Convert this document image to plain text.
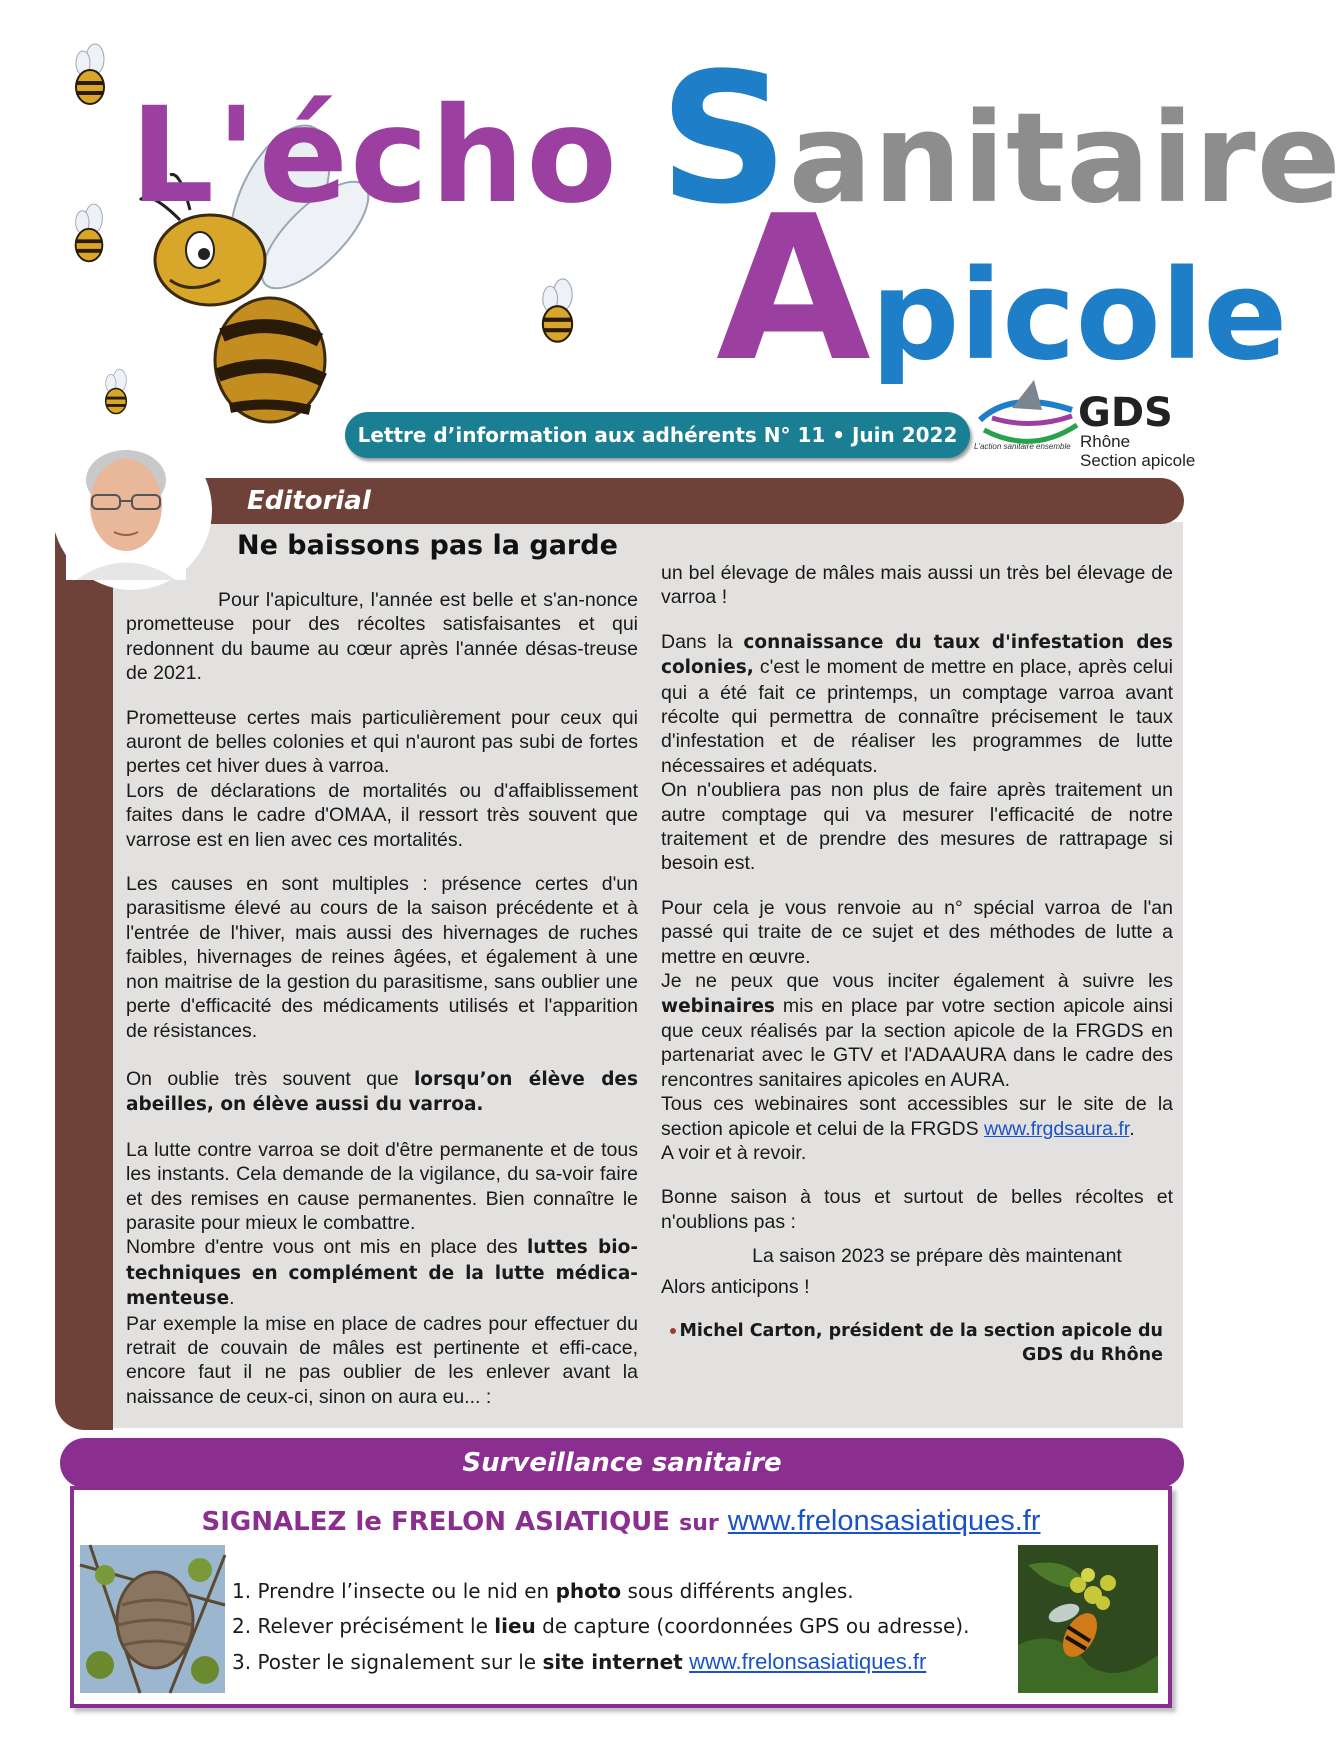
L'écho S anitaire
A picole
Lettre d’information aux adhérents N° 11 • Juin 2022	GDS
Rhône
Section apicole
L'action sanitaire ensemble
Editorial
Ne baissons pas la garde

Pour l'apiculture, l'année est belle et s'an-nonce prometteuse pour des récoltes satisfaisantes et qui redonnent du baume au cœur après l'année désas-treuse de 2021.

Prometteuse certes mais particulièrement pour ceux qui auront de belles colonies et qui n'auront pas subi de fortes pertes cet hiver dues à varroa.

Lors de déclarations de mortalités ou d'affaiblissement faites dans le cadre d'OMAA, il ressort très souvent que varrose est en lien avec ces mortalités.

Les causes en sont multiples : présence certes d'un parasitisme élevé au cours de la saison précédente et à l'entrée de l'hiver, mais aussi des hivernages de ruches faibles, hivernages de reines âgées, et également à une non maitrise de la gestion du parasitisme, sans oublier une perte d'efficacité des médicaments utilisés et l'apparition de résistances.

On oublie très souvent que lorsqu’on élève des abeilles, on élève aussi du varroa.

La lutte contre varroa se doit d'être permanente et de tous les instants. Cela demande de la vigilance, du sa-voir faire et des remises en cause permanentes. Bien connaître le parasite pour mieux le combattre.

Nombre d'entre vous ont mis en place des luttes bio-techniques en complément de la lutte médica-menteuse.

Par exemple la mise en place de cadres pour effectuer du retrait de couvain de mâles est pertinente et effi-cace, encore faut il ne pas oublier de les enlever avant la naissance de ceux-ci, sinon on aura eu... :

un bel élevage de mâles mais aussi un très bel élevage de varroa !

Dans la connaissance du taux d'infestation des colonies, c'est le moment de mettre en place, après celui qui a été fait ce printemps, un comptage varroa avant récolte qui permettra de connaître précisement le taux d'infestation et de réaliser les programmes de lutte nécessaires et adéquats.

On n'oubliera pas non plus de faire après traitement un autre comptage qui va mesurer l'efficacité de notre traitement et de prendre des mesures de rattrapage si besoin est.

Pour cela je vous renvoie au n° spécial varroa de l'an passé qui traite de ce sujet et des méthodes de lutte a mettre en œuvre.

Je ne peux que vous inciter également à suivre les webinaires mis en place par votre section apicole ainsi que ceux réalisés par la section apicole de la FRGDS en partenariat avec le GTV et l'ADAAURA dans le cadre des rencontres sanitaires apicoles en AURA.

Tous ces webinaires sont accessibles sur le site de la section apicole et celui de la FRGDS www.frgdsaura.fr.

A voir et à revoir.

Bonne saison à tous et surtout de belles récoltes et n'oublions pas :

La saison 2023 se prépare dès maintenant

Alors anticipons !

Michel Carton, président de la section apicole du

GDS du Rhône

Surveillance sanitaire
SIGNALEZ le FRELON ASIATIQUE sur www.frelonsasiatiques.fr
1. Prendre l’insecte ou le nid en photo sous différents angles.
2. Relever précisément le lieu de capture (coordonnées GPS ou adresse).
3. Poster le signalement sur le site internet www.frelonsasiatiques.fr
